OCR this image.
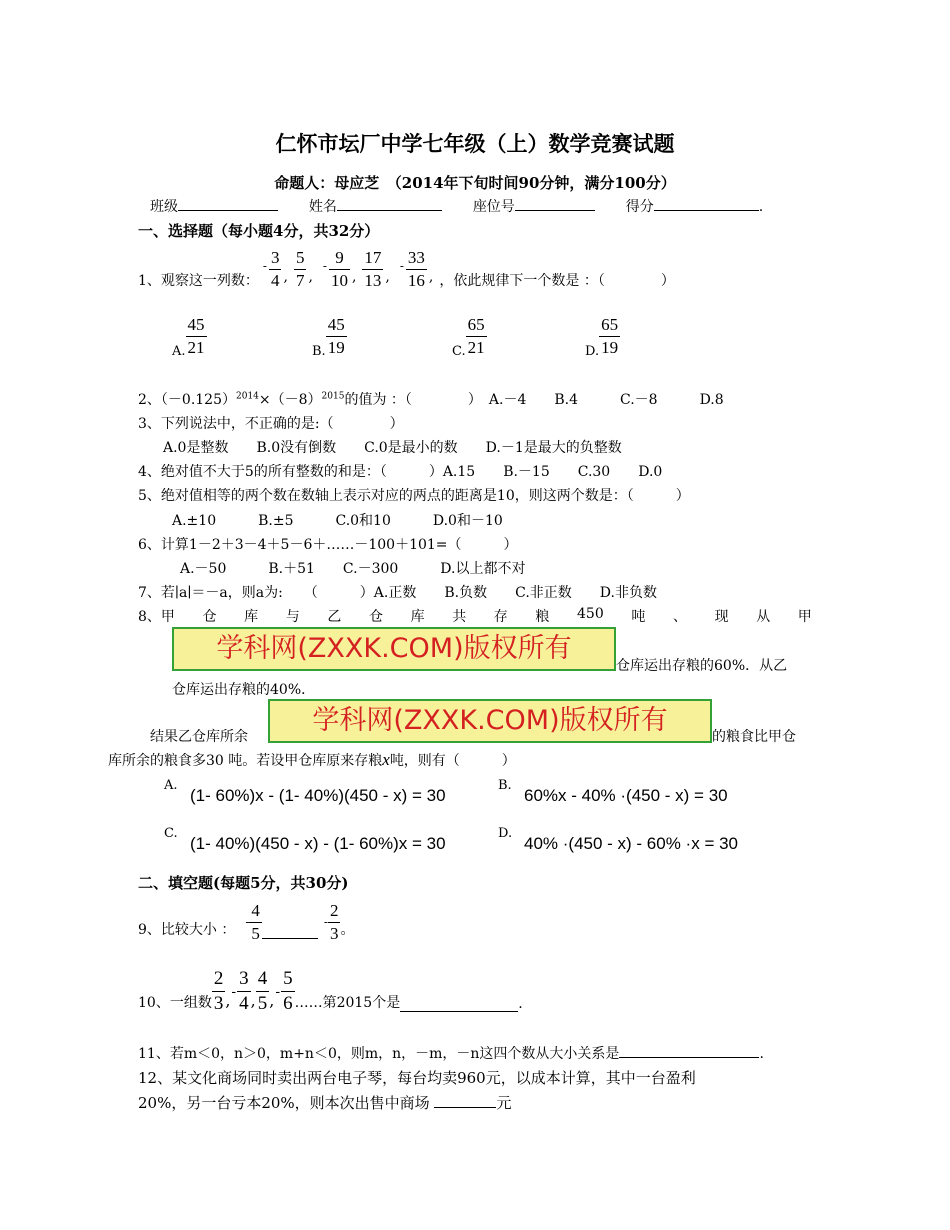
仁怀市坛厂中学七年级（上）数学竞赛试题
命题人：母应芝　（2014年下旬时间90分钟，满分100分）
班级	姓名	座位号	得分	.
一、选择题（每小题4分，共32分）
1、观察这一列数：
- $\frac{3}{4}$ , $\frac{5}{7}$ ,
- $\frac{9}{10}$ , $\frac{17}{13}$ ,
- $\frac{33}{16}$ , ，依此规律下一个数是 ：（　　　　）
A. $\frac{45}{21}$	B. $\frac{45}{19}$	C. $\frac{65}{21}$	D. $\frac{65}{19}$
2、$(-0.125)^{2014}\times(-8)^{2015}$的值为 ：（　　　　）　A.－4　　B.4　　　C.－8　　　D.8
3、下列说法中，不正确的是:（　　　　）
A.0是整数　　B.0没有倒数　　C.0是最小的数　　D.－1是最大的负整数
4、绝对值不大于5的所有整数的和是：（　　　）A.15　　B.－15　　C.30　　D.0
5、绝对值相等的两个数在数轴上表示对应的两点的距离是10，则这两个数是：（　　　）
A.±10　　　B.±5　　　C.0和10　　　D.0和－10
6、计算1－2＋3－4＋5－6＋……－100＋101=（　　　）
A.－50　　　B.＋51　　C.－300　　　D.以上都不对
7、若∣a∣＝－a，则a为:　　（　　　）A.正数　　B.负数　　C.非正数　　D.非负数
8、甲 仓 库 与 乙 仓 库 共 存 粮 450 吨 、 现 从 甲
学科网(ZXXK.COM)版权所有
仓库运出存粮的60%．从乙
仓库运出存粮的40%．
结果乙仓库所余
学科网(ZXXK.COM)版权所有
的粮食比甲仓
库所余的粮食多30 吨。若设甲仓库原来存粮x吨，则有（　　　）
A.
(1- 60%)x - (1- 40%)(450 - x) = 30
B.
60%x - 40% ·(450 - x) = 30
C.
(1- 40%)(450 - x) - (1- 60%)x = 30
D.
40% ·(450 - x) - 60% ·x = 30
二、填空题(每题5分，共30分)
9、比较大小 ： - $\frac{4}{5}$	- $\frac{2}{3}$ 。
10、一组数 $\frac{2}{3}$ , - $\frac{3}{4}$ , $\frac{4}{5}$ , - $\frac{5}{6}$ ……第2015个是	.
11、若m＜0，n＞0，m+n＜0，则m，n，－m，－n这四个数从大小关系是	.
12、某文化商场同时卖出两台电子琴，每台均卖960元，以成本计算，其中一台盈利
20%，另一台亏本20%，则本次出售中商场	元
